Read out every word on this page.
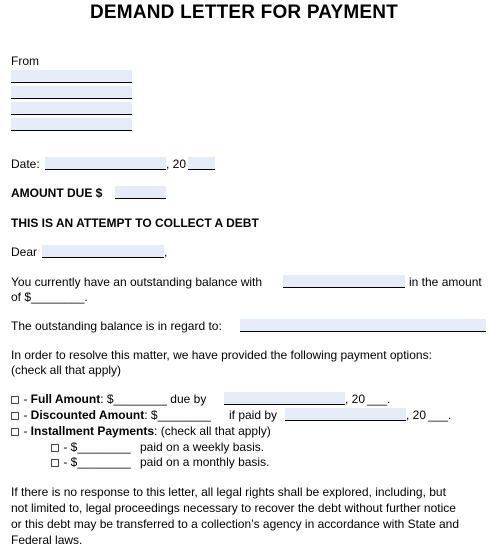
DEMAND LETTER FOR PAYMENT
From
Date:	, 20
AMOUNT DUE $
THIS IS AN ATTEMPT TO COLLECT A DEBT
Dear	,
You currently have an outstanding balance with	in the amount
of $________.
The outstanding balance is in regard to:
In order to resolve this matter, we have provided the following payment options:
(check all that apply)
- Full Amount: $________ due by	, 20 ___.
- Discounted Amount: $________ if paid by	, 20 ___.
- Installment Payments: (check all that apply)
- $________ paid on a weekly basis.
- $________ paid on a monthly basis.
If there is no response to this letter, all legal rights shall be explored, including, but
not limited to, legal proceedings necessary to recover the debt without further notice
or this debt may be transferred to a collection’s agency in accordance with State and
Federal laws.
